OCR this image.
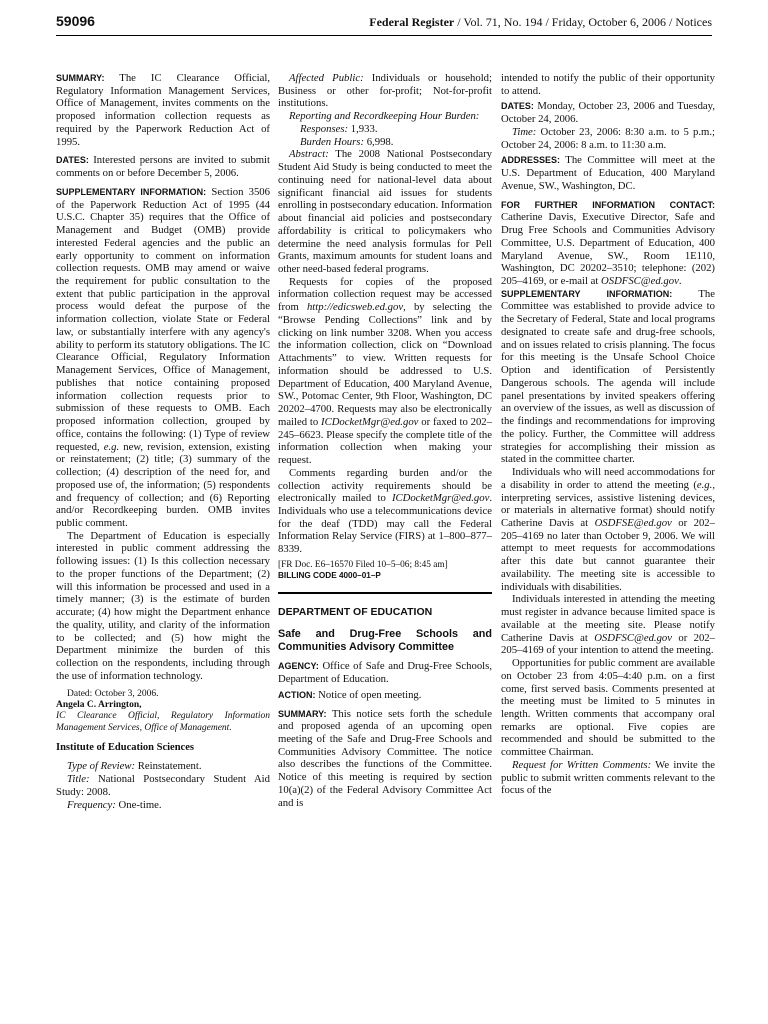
59096	Federal Register / Vol. 71, No. 194 / Friday, October 6, 2006 / Notices

SUMMARY: The IC Clearance Official, Regulatory Information Management Services, Office of Management, invites comments on the proposed information collection requests as required by the Paperwork Reduction Act of 1995.

DATES: Interested persons are invited to submit comments on or before December 5, 2006.

SUPPLEMENTARY INFORMATION: Section 3506 of the Paperwork Reduction Act of 1995 (44 U.S.C. Chapter 35) requires that the Office of Management and Budget (OMB) provide interested Federal agencies and the public an early opportunity to comment on information collection requests. OMB may amend or waive the requirement for public consultation to the extent that public participation in the approval process would defeat the purpose of the information collection, violate State or Federal law, or substantially interfere with any agency's ability to perform its statutory obligations. The IC Clearance Official, Regulatory Information Management Services, Office of Management, publishes that notice containing proposed information collection requests prior to submission of these requests to OMB. Each proposed information collection, grouped by office, contains the following: (1) Type of review requested, e.g. new, revision, extension, existing or reinstatement; (2) title; (3) summary of the collection; (4) description of the need for, and proposed use of, the information; (5) respondents and frequency of collection; and (6) Reporting and/or Recordkeeping burden. OMB invites public comment.

The Department of Education is especially interested in public comment addressing the following issues: (1) Is this collection necessary to the proper functions of the Department; (2) will this information be processed and used in a timely manner; (3) is the estimate of burden accurate; (4) how might the Department enhance the quality, utility, and clarity of the information to be collected; and (5) how might the Department minimize the burden of this collection on the respondents, including through the use of information technology.

Dated: October 3, 2006.

Angela C. Arrington,

IC Clearance Official, Regulatory Information Management Services, Office of Management.

Institute of Education Sciences

Type of Review: Reinstatement.

Title: National Postsecondary Student Aid Study: 2008.

Frequency: One-time.

Affected Public: Individuals or household; Business or other for-profit; Not-for-profit institutions.

Reporting and Recordkeeping Hour Burden:

Responses: 1,933.

Burden Hours: 6,998.

Abstract: The 2008 National Postsecondary Student Aid Study is being conducted to meet the continuing need for national-level data about significant financial aid issues for students enrolling in postsecondary education. Information about financial aid policies and postsecondary affordability is critical to policymakers who determine the need analysis formulas for Pell Grants, maximum amounts for student loans and other need-based federal programs.

Requests for copies of the proposed information collection request may be accessed from http://edicsweb.ed.gov, by selecting the “Browse Pending Collections” link and by clicking on link number 3208. When you access the information collection, click on “Download Attachments” to view. Written requests for information should be addressed to U.S. Department of Education, 400 Maryland Avenue, SW., Potomac Center, 9th Floor, Washington, DC 20202–4700. Requests may also be electronically mailed to ICDocketMgr@ed.gov or faxed to 202–245–6623. Please specify the complete title of the information collection when making your request.

Comments regarding burden and/or the collection activity requirements should be electronically mailed to ICDocketMgr@ed.gov. Individuals who use a telecommunications device for the deaf (TDD) may call the Federal Information Relay Service (FIRS) at 1–800–877–8339.

[FR Doc. E6–16570 Filed 10–5–06; 8:45 am]

BILLING CODE 4000–01–P

DEPARTMENT OF EDUCATION

Safe and Drug-Free Schools and Communities Advisory Committee

AGENCY: Office of Safe and Drug-Free Schools, Department of Education.

ACTION: Notice of open meeting.

SUMMARY: This notice sets forth the schedule and proposed agenda of an upcoming open meeting of the Safe and Drug-Free Schools and Communities Advisory Committee. The notice also describes the functions of the Committee. Notice of this meeting is required by section 10(a)(2) of the Federal Advisory Committee Act and is

intended to notify the public of their opportunity to attend.

DATES: Monday, October 23, 2006 and Tuesday, October 24, 2006.

Time: October 23, 2006: 8:30 a.m. to 5 p.m.; October 24, 2006: 8 a.m. to 11:30 a.m.

ADDRESSES: The Committee will meet at the U.S. Department of Education, 400 Maryland Avenue, SW., Washington, DC.

FOR FURTHER INFORMATION CONTACT: Catherine Davis, Executive Director, Safe and Drug Free Schools and Communities Advisory Committee, U.S. Department of Education, 400 Maryland Avenue, SW., Room 1E110, Washington, DC 20202–3510; telephone: (202) 205–4169, or e-mail at OSDFSC@ed.gov.

SUPPLEMENTARY INFORMATION: The Committee was established to provide advice to the Secretary of Federal, State and local programs designated to create safe and drug-free schools, and on issues related to crisis planning. The focus for this meeting is the Unsafe School Choice Option and identification of Persistently Dangerous schools. The agenda will include panel presentations by invited speakers offering an overview of the issues, as well as discussion of the findings and recommendations for improving the policy. Further, the Committee will address strategies for accomplishing their mission as stated in the committee charter.

Individuals who will need accommodations for a disability in order to attend the meeting (e.g., interpreting services, assistive listening devices, or materials in alternative format) should notify Catherine Davis at OSDFSE@ed.gov or 202–205–4169 no later than October 9, 2006. We will attempt to meet requests for accommodations after this date but cannot guarantee their availability. The meeting site is accessible to individuals with disabilities.

Individuals interested in attending the meeting must register in advance because limited space is available at the meeting site. Please notify Catherine Davis at OSDFSC@ed.gov or 202–205–4169 of your intention to attend the meeting.

Opportunities for public comment are available on October 23 from 4:05–4:40 p.m. on a first come, first served basis. Comments presented at the meeting must be limited to 5 minutes in length. Written comments that accompany oral remarks are optional. Five copies are recommended and should be submitted to the committee Chairman.

Request for Written Comments: We invite the public to submit written comments relevant to the focus of the
